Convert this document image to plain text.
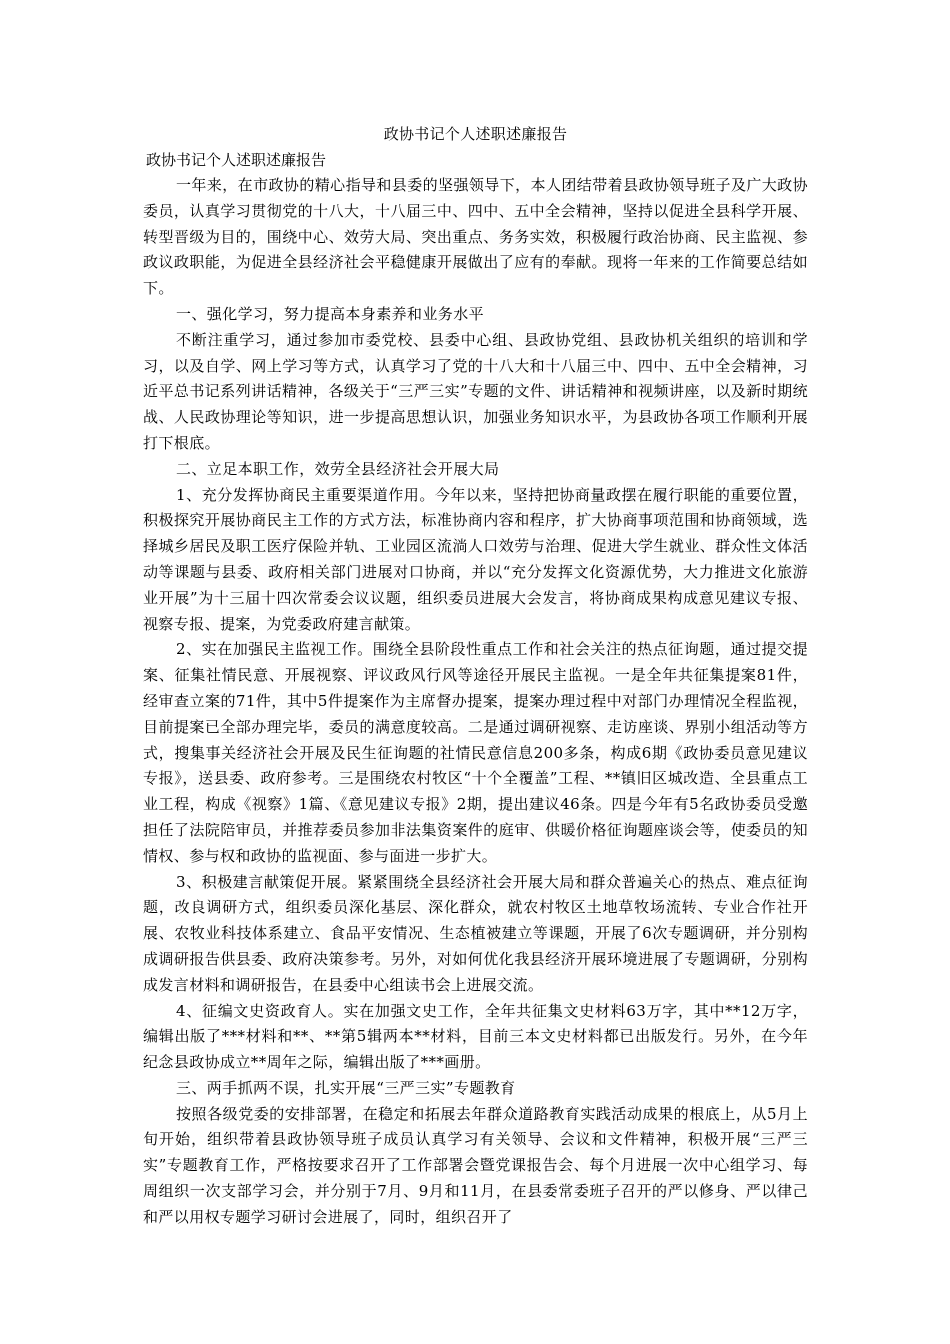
政协书记个人述职述廉报告
政协书记个人述职述廉报告

一年来，在市政协的精心指导和县委的坚强领导下，本人团结带着县政协领导班子及广大政协委员，认真学习贯彻党的十八大，十八届三中、四中、五中全会精神，坚持以促进全县科学开展、转型晋级为目的，围绕中心、效劳大局、突出重点、务务实效，积极履行政治协商、民主监视、参政议政职能，为促进全县经济社会平稳健康开展做出了应有的奉献。现将一年来的工作简要总结如下。

一、强化学习，努力提高本身素养和业务水平

不断注重学习，通过参加市委党校、县委中心组、县政协党组、县政协机关组织的培训和学习，以及自学、网上学习等方式，认真学习了党的十八大和十八届三中、四中、五中全会精神，习近平总书记系列讲话精神，各级关于“三严三实”专题的文件、讲话精神和视频讲座，以及新时期统战、人民政协理论等知识，进一步提高思想认识，加强业务知识水平，为县政协各项工作顺利开展打下根底。

二、立足本职工作，效劳全县经济社会开展大局

1、充分发挥协商民主重要渠道作用。今年以来，坚持把协商量政摆在履行职能的重要位置，积极探究开展协商民主工作的方式方法，标准协商内容和程序，扩大协商事项范围和协商领域，选择城乡居民及职工医疗保险并轨、工业园区流淌人口效劳与治理、促进大学生就业、群众性文体活动等课题与县委、政府相关部门进展对口协商，并以“充分发挥文化资源优势，大力推进文化旅游业开展”为十三届十四次常委会议议题，组织委员进展大会发言，将协商成果构成意见建议专报、视察专报、提案，为党委政府建言献策。

2、实在加强民主监视工作。围绕全县阶段性重点工作和社会关注的热点征询题，通过提交提案、征集社情民意、开展视察、评议政风行风等途径开展民主监视。一是全年共征集提案81件，经审查立案的71件，其中5件提案作为主席督办提案，提案办理过程中对部门办理情况全程监视，目前提案已全部办理完毕，委员的满意度较高。二是通过调研视察、走访座谈、界别小组活动等方式，搜集事关经济社会开展及民生征询题的社情民意信息200多条，构成6期《政协委员意见建议专报》，送县委、政府参考。三是围绕农村牧区“十个全覆盖”工程、**镇旧区城改造、全县重点工业工程，构成《视察》1篇、《意见建议专报》2期，提出建议46条。四是今年有5名政协委员受邀担任了法院陪审员，并推荐委员参加非法集资案件的庭审、供暖价格征询题座谈会等，使委员的知情权、参与权和政协的监视面、参与面进一步扩大。

3、积极建言献策促开展。紧紧围绕全县经济社会开展大局和群众普遍关心的热点、难点征询题，改良调研方式，组织委员深化基层、深化群众，就农村牧区土地草牧场流转、专业合作社开展、农牧业科技体系建立、食品平安情况、生态植被建立等课题，开展了6次专题调研，并分别构成调研报告供县委、政府决策参考。另外，对如何优化我县经济开展环境进展了专题调研，分别构成发言材料和调研报告，在县委中心组读书会上进展交流。

4、征编文史资政育人。实在加强文史工作，全年共征集文史材料63万字，其中**12万字，编辑出版了***材料和**、**第5辑两本**材料，目前三本文史材料都已出版发行。另外，在今年纪念县政协成立**周年之际，编辑出版了***画册。

三、两手抓两不误，扎实开展“三严三实”专题教育

按照各级党委的安排部署，在稳定和拓展去年群众道路教育实践活动成果的根底上，从5月上旬开始，组织带着县政协领导班子成员认真学习有关领导、会议和文件精神，积极开展“三严三实”专题教育工作，严格按要求召开了工作部署会暨党课报告会、每个月进展一次中心组学习、每周组织一次支部学习会，并分别于7月、9月和11月，在县委常委班子召开的严以修身、严以律己和严以用权专题学习研讨会进展了，同时，组织召开了
